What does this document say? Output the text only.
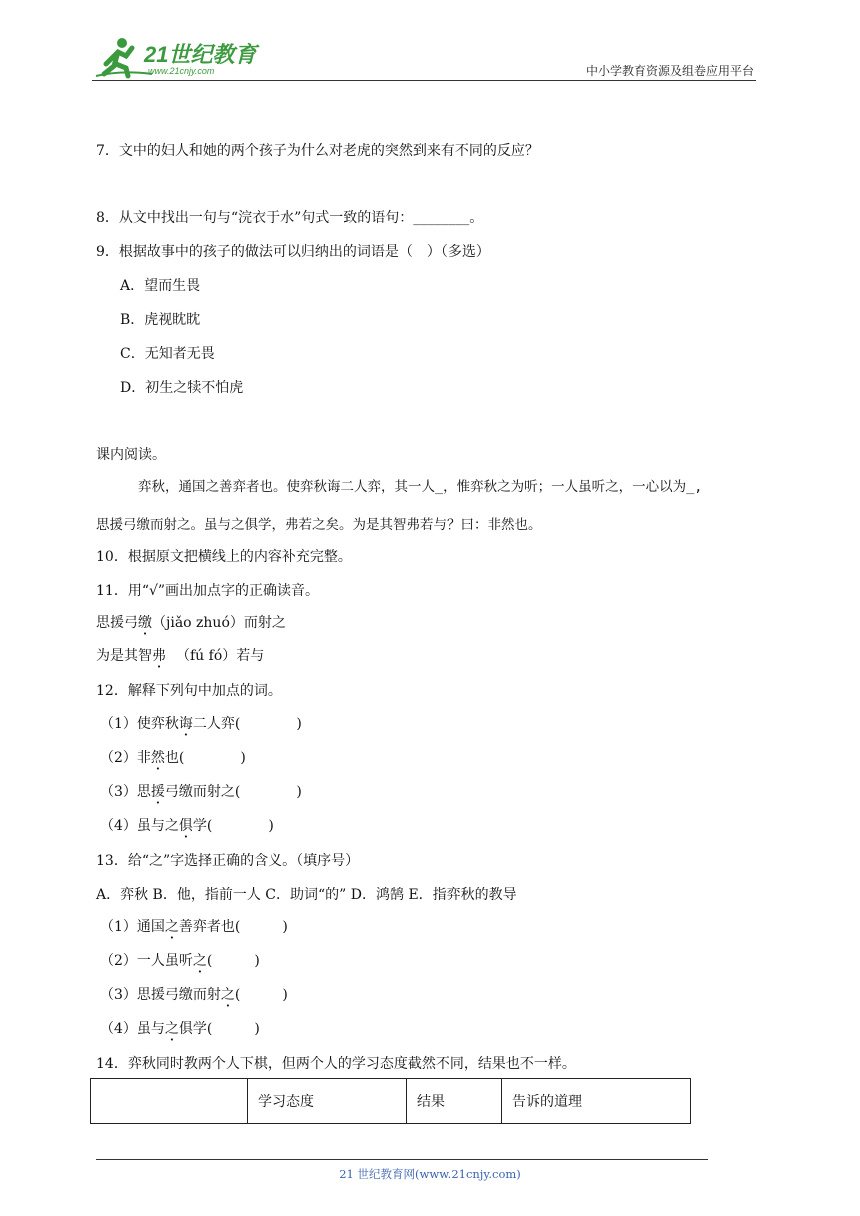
21世纪教育
www.21cnjy.com	中小学教育资源及组卷应用平台
7．文中的妇人和她的两个孩子为什么对老虎的突然到来有不同的反应？
8．从文中找出一句与“浣衣于水”句式一致的语句：________。
9．根据故事中的孩子的做法可以归纳出的词语是（　）（多选）
A．望而生畏
B．虎视眈眈
C．无知者无畏
D．初生之犊不怕虎
课内阅读。
弈秋，通国之善弈者也。使弈秋诲二人弈，其一人_，惟弈秋之为听；一人虽听之，一心以为_,
思援弓缴而射之。虽与之俱学，弗若之矣。为是其智弗若与？曰：非然也。
10．根据原文把横线上的内容补充完整。
11．用“√”画出加点字的正确读音。
思援弓缴（jiǎo zhuó）而射之
为是其智弗 （fú fó）若与
12．解释下列句中加点的词。
（1）使弈秋诲二人弈(　　　　)
（2）非然也(　　　　)
（3）思援弓缴而射之(　　　　)
（4）虽与之俱学(　　　　)
13．给“之”字选择正确的含义。（填序号）
A．弈秋 B．他，指前一人 C．助词“的” D．鸿鹄 E．指弈秋的教导
（1）通国之善弈者也(　　　)
（2）一人虽听之(　　　)
（3）思援弓缴而射之(　　　)
（4）虽与之俱学(　　　)
14．弈秋同时教两个人下棋，但两个人的学习态度截然不同，结果也不一样。
	学习态度	结果	告诉的道理
21 世纪教育网(www.21cnjy.com)
